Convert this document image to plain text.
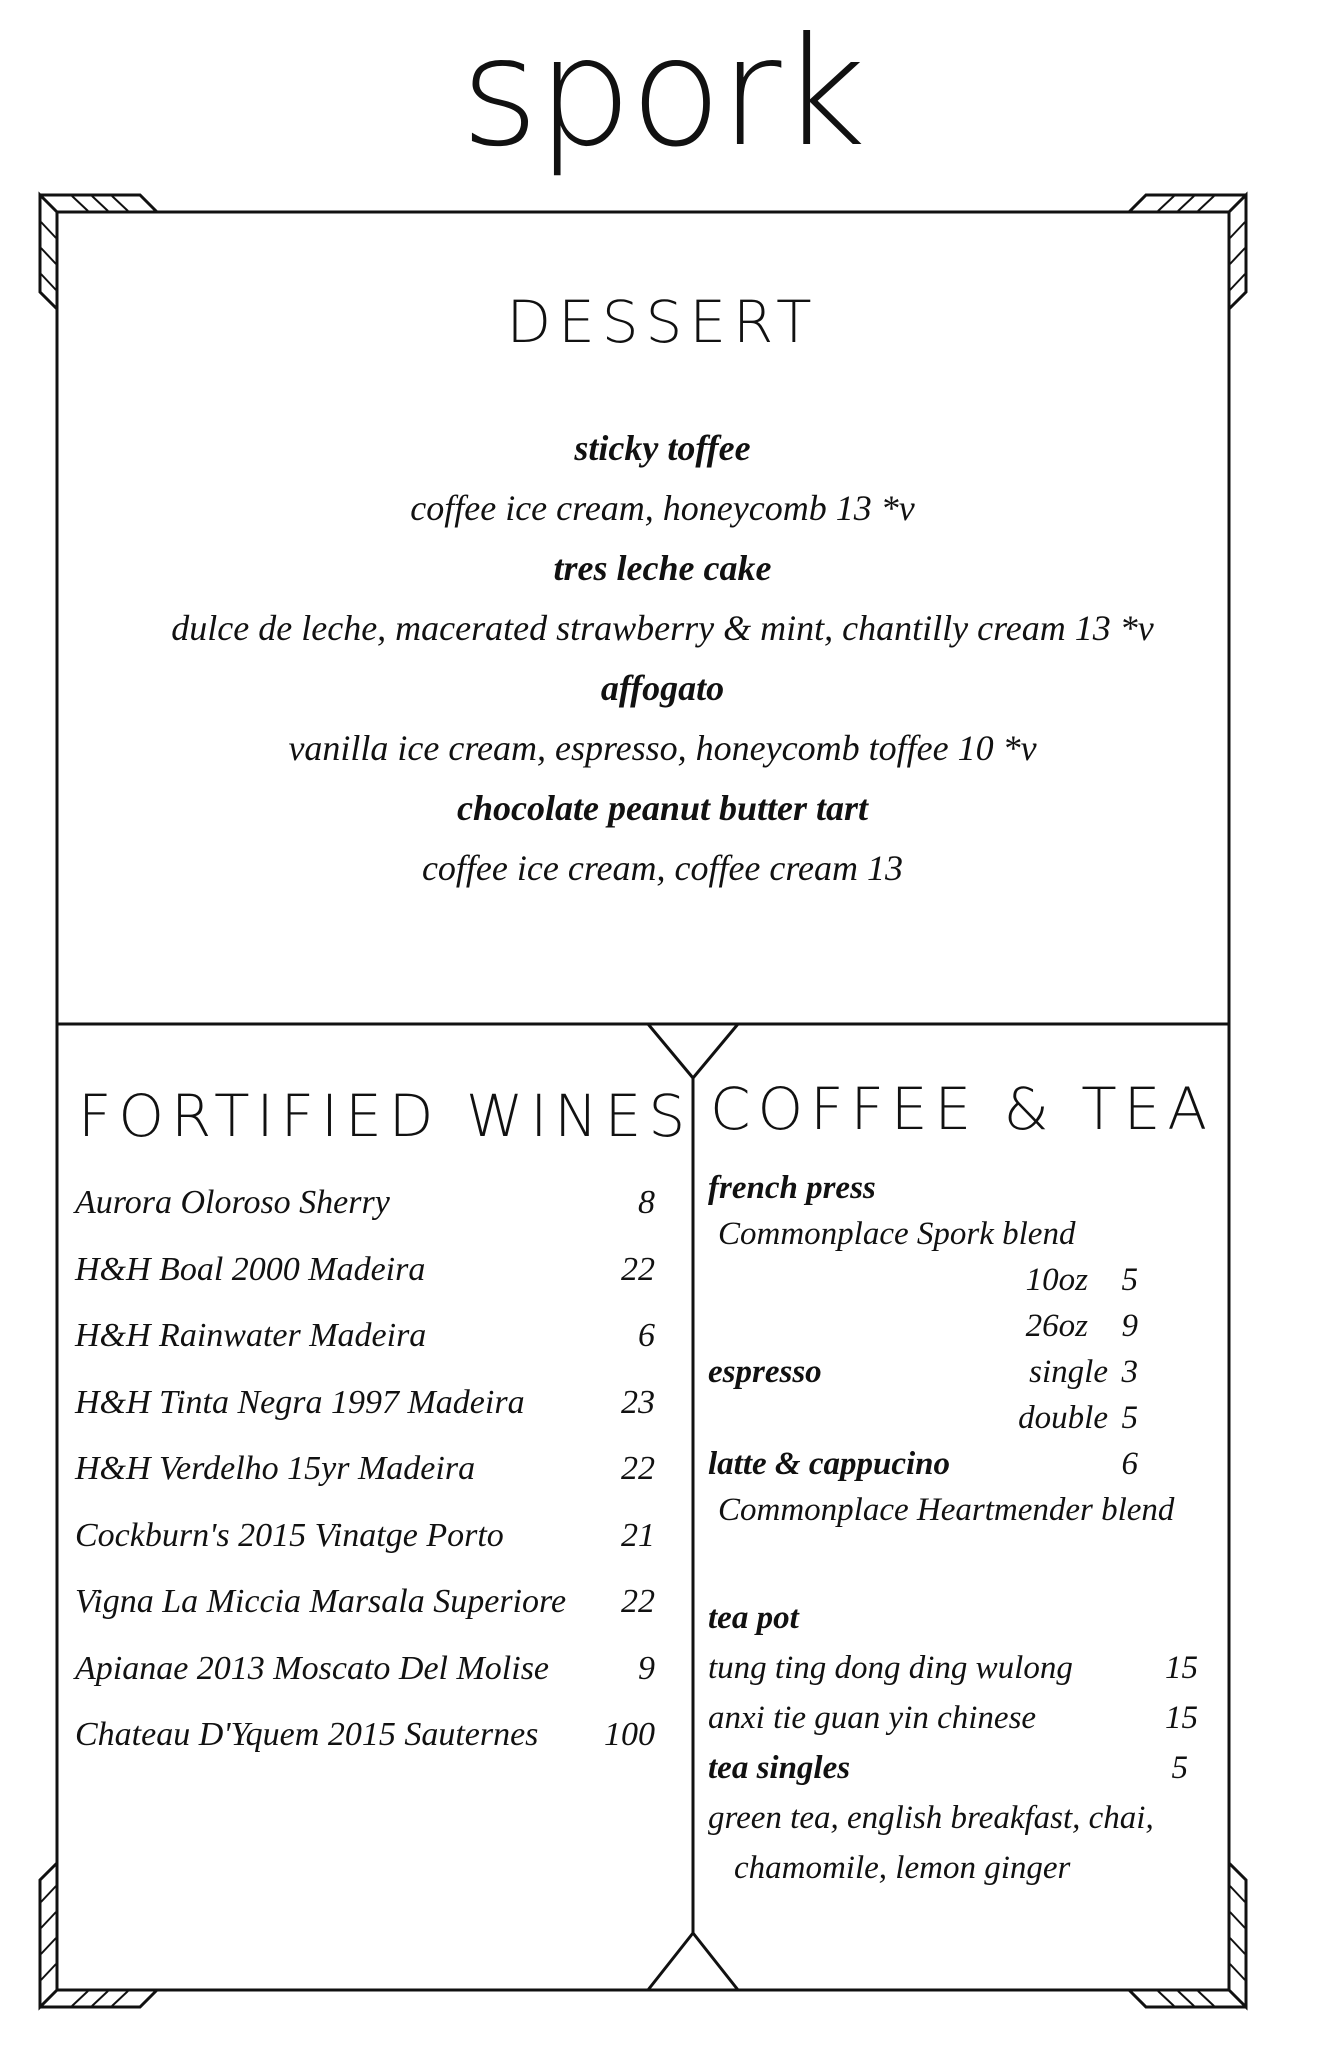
spork
DESSERT
sticky toffee
coffee ice cream, honeycomb 13 *v
tres leche cake
dulce de leche, macerated strawberry & mint, chantilly cream 13 *v
affogato
vanilla ice cream, espresso, honeycomb toffee 10 *v
chocolate peanut butter tart
coffee ice cream, coffee cream 13
FORTIFIED WINES
Aurora Oloroso Sherry	8
H&H Boal 2000 Madeira	22
H&H Rainwater Madeira	6
H&H Tinta Negra 1997 Madeira	23
H&H Verdelho 15yr Madeira	22
Cockburn's 2015 Vinatge Porto	21
Vigna La Miccia Marsala Superiore 22
Apianae 2013 Moscato Del Molise	9
Chateau D'Yquem 2015 Sauternes 100
COFFEE & TEA
french press
Commonplace Spork blend
10oz 5
26oz 9
espresso	single 3
double 5
latte & cappucino	6
Commonplace Heartmender blend
tea pot
tung ting dong ding wulong	15
anxi tie guan yin chinese	15
tea singles	5
green tea, english breakfast, chai,
chamomile, lemon ginger
